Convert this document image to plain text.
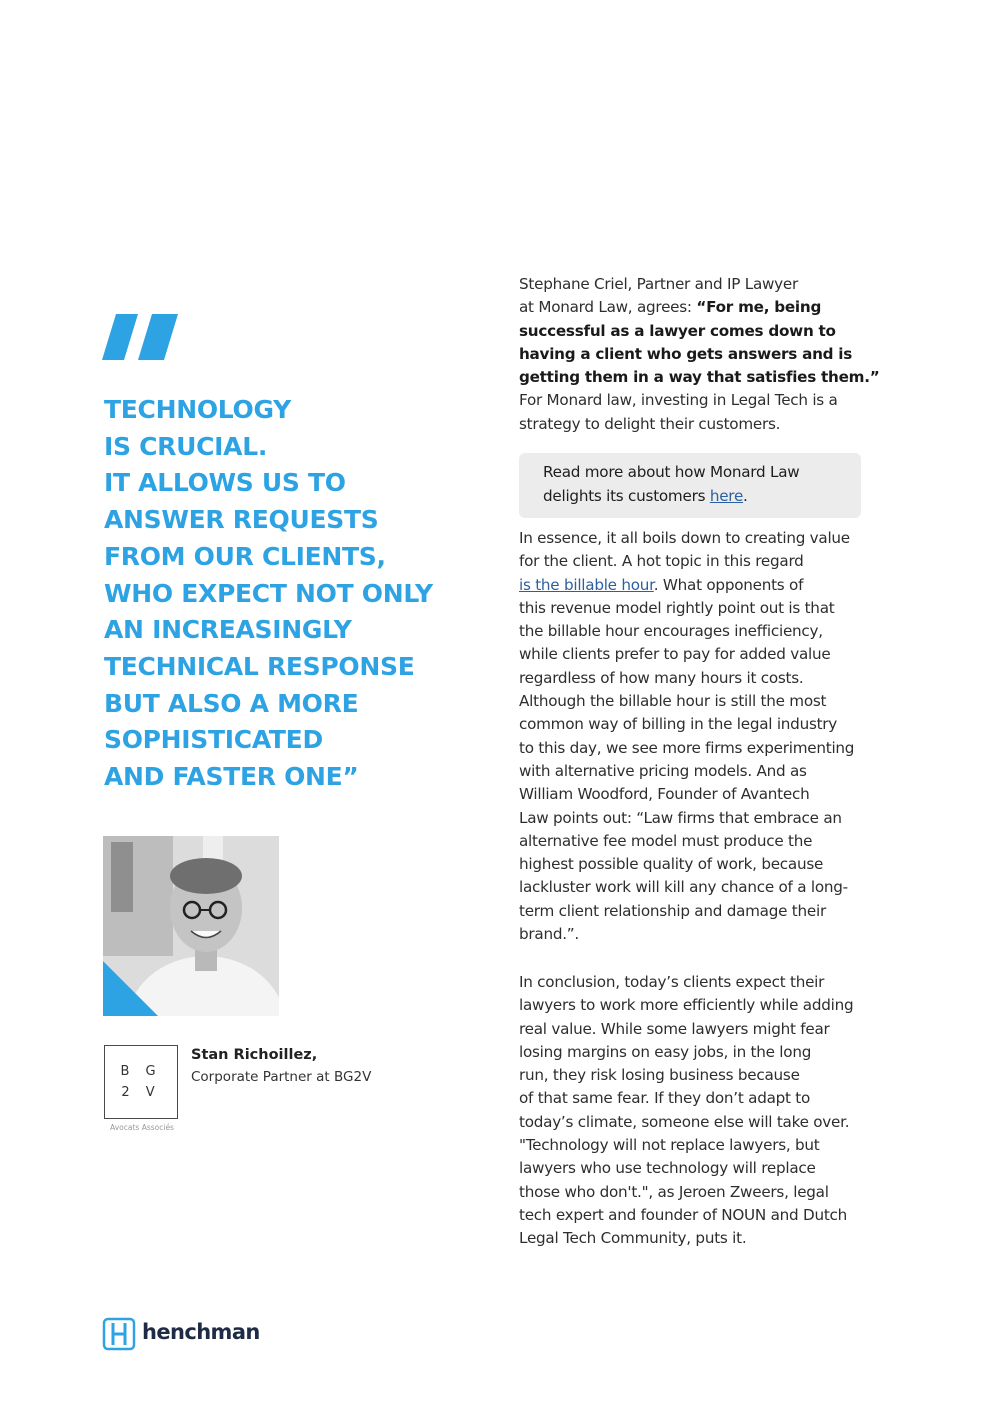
TECHNOLOGY
IS CRUCIAL.
IT ALLOWS US TO
ANSWER REQUESTS
FROM OUR CLIENTS,
WHO EXPECT NOT ONLY
AN INCREASINGLY
TECHNICAL RESPONSE
BUT ALSO A MORE
SOPHISTICATED
AND FASTER ONE”
B G
2 V
Avocats Associés
Stan Richoillez,
Corporate Partner at BG2V
Stephane Criel, Partner and IP Lawyer
at Monard Law, agrees: “For me, being
successful as a lawyer comes down to
having a client who gets answers and is
getting them in a way that satisfies them.”
For Monard law, investing in Legal Tech is a
strategy to delight their customers.
Read more about how Monard Law
delights its customers here.
In essence, it all boils down to creating value
for the client. A hot topic in this regard
is the billable hour. What opponents of
this revenue model rightly point out is that
the billable hour encourages inefficiency,
while clients prefer to pay for added value
regardless of how many hours it costs.
Although the billable hour is still the most
common way of billing in the legal industry
to this day, we see more firms experimenting
with alternative pricing models. And as
William Woodford, Founder of Avantech
Law points out: “Law firms that embrace an
alternative fee model must produce the
highest possible quality of work, because
lackluster work will kill any chance of a long-
term client relationship and damage their
brand.”.
In conclusion, today’s clients expect their
lawyers to work more efficiently while adding
real value. While some lawyers might fear
losing margins on easy jobs, in the long
run, they risk losing business because
of that same fear. If they don’t adapt to
today’s climate, someone else will take over.
"Technology will not replace lawyers, but
lawyers who use technology will replace
those who don't.", as Jeroen Zweers, legal
tech expert and founder of NOUN and Dutch
Legal Tech Community, puts it.
henchman
